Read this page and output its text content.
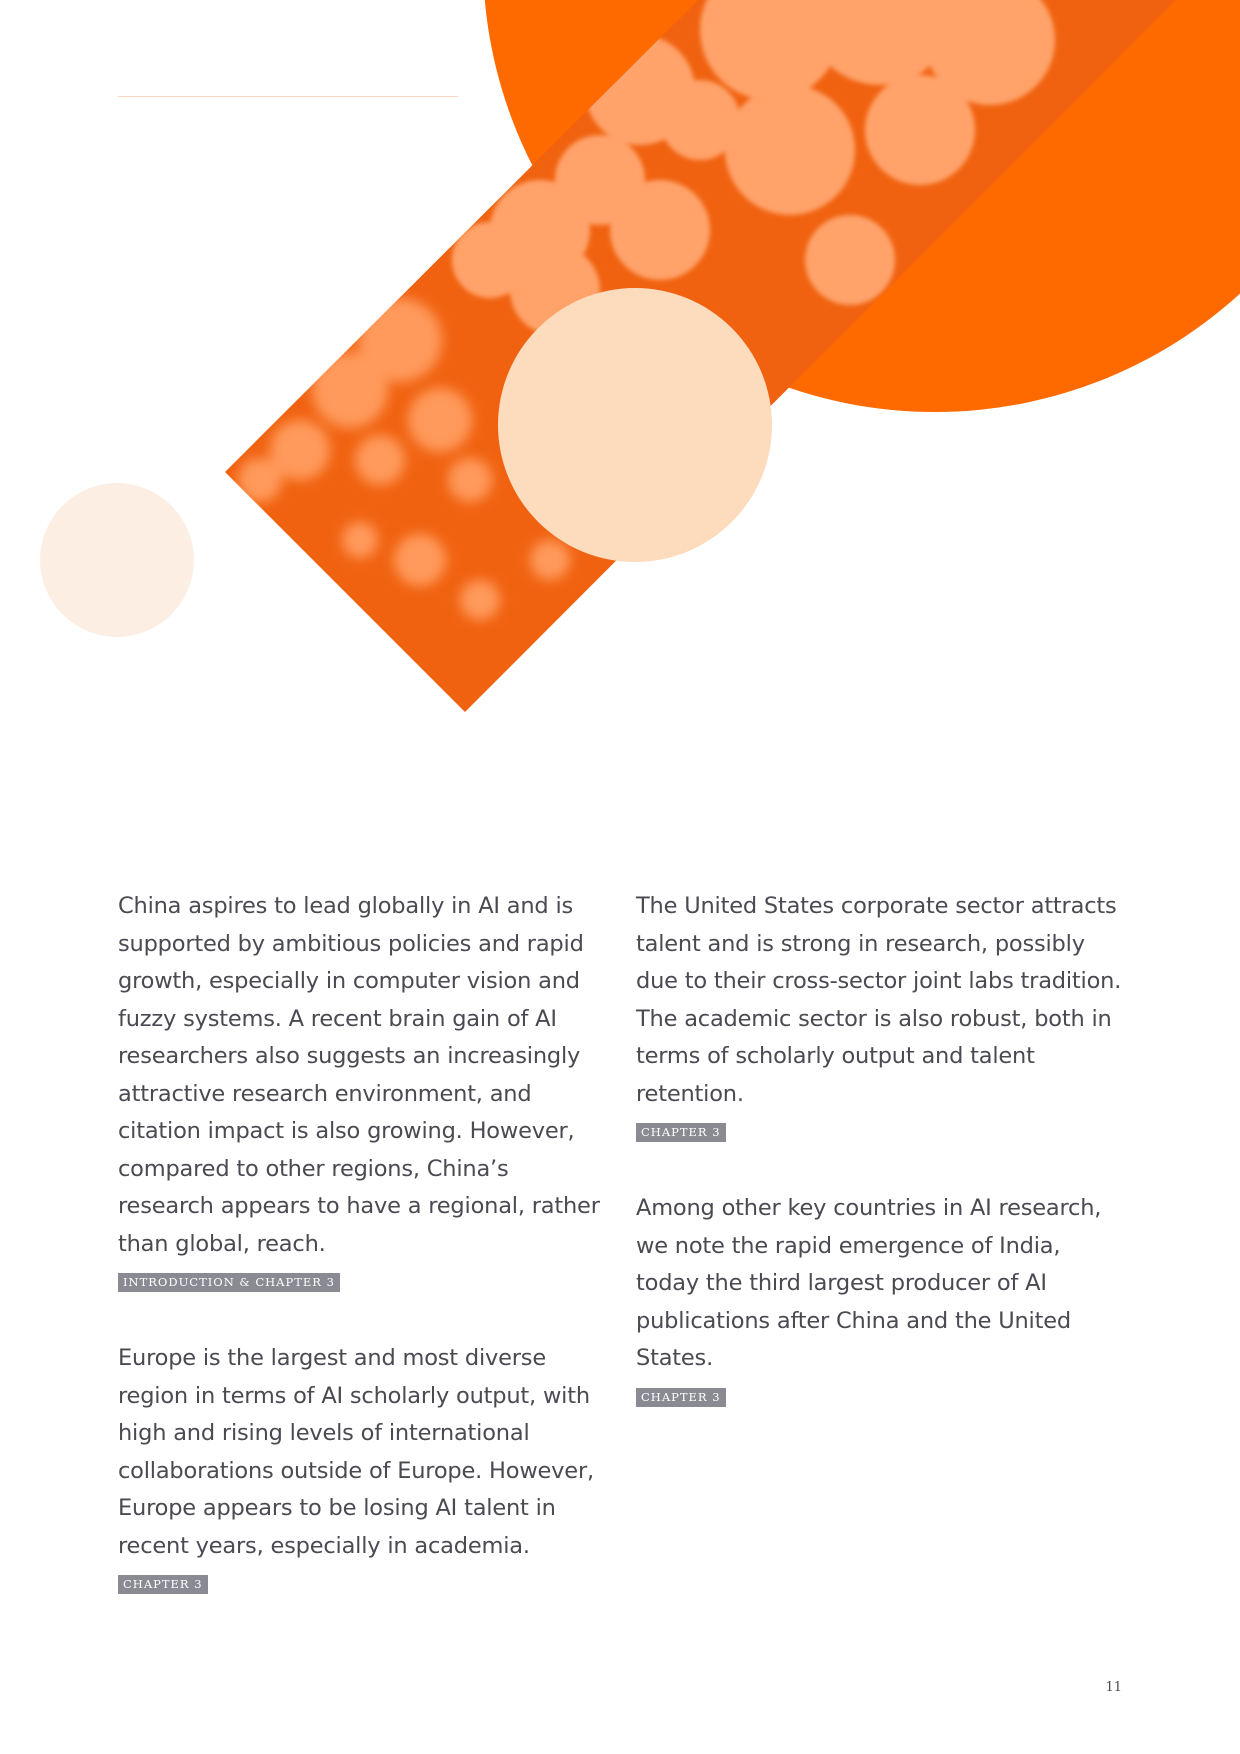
China aspires to lead globally in AI and is supported by ambitious policies and rapid growth, especially in computer vision and fuzzy systems. A recent brain gain of AI researchers also suggests an increasingly attractive research environment, and citation impact is also growing. However, compared to other regions, China’s research appears to have a regional, rather than global, reach.

INTRODUCTION & CHAPTER 3

Europe is the largest and most diverse region in terms of AI scholarly output, with high and rising levels of international collaborations outside of Europe. However, Europe appears to be losing AI talent in recent years, especially in academia.

CHAPTER 3

The United States corporate sector attracts talent and is strong in research, possibly due to their cross-sector joint labs tradition. The academic sector is also robust, both in terms of scholarly output and talent retention.

CHAPTER 3

Among other key countries in AI research, we note the rapid emergence of India, today the third largest producer of AI publications after China and the United States.

CHAPTER 3
11
